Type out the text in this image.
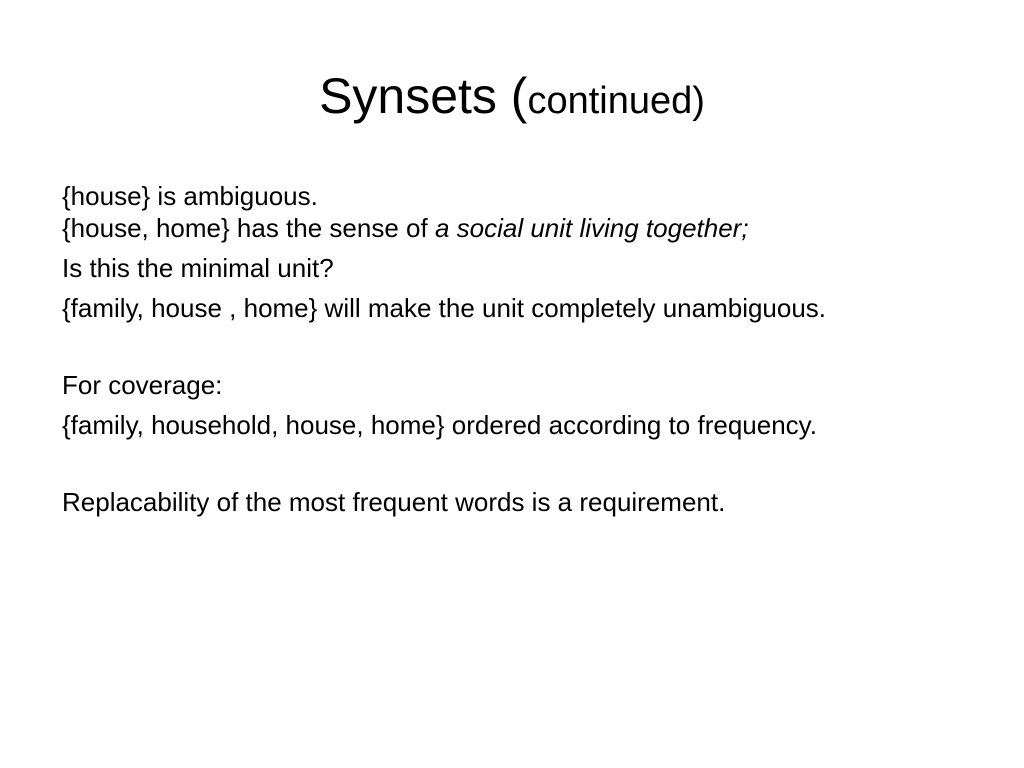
Synsets (continued)

{house} is ambiguous.

{house, home} has the sense of a social unit living together;

Is this the minimal unit?

{family, house , home} will make the unit completely unambiguous.

For coverage:

{family, household, house, home} ordered according to frequency.

Replacability of the most frequent words is a requirement.
